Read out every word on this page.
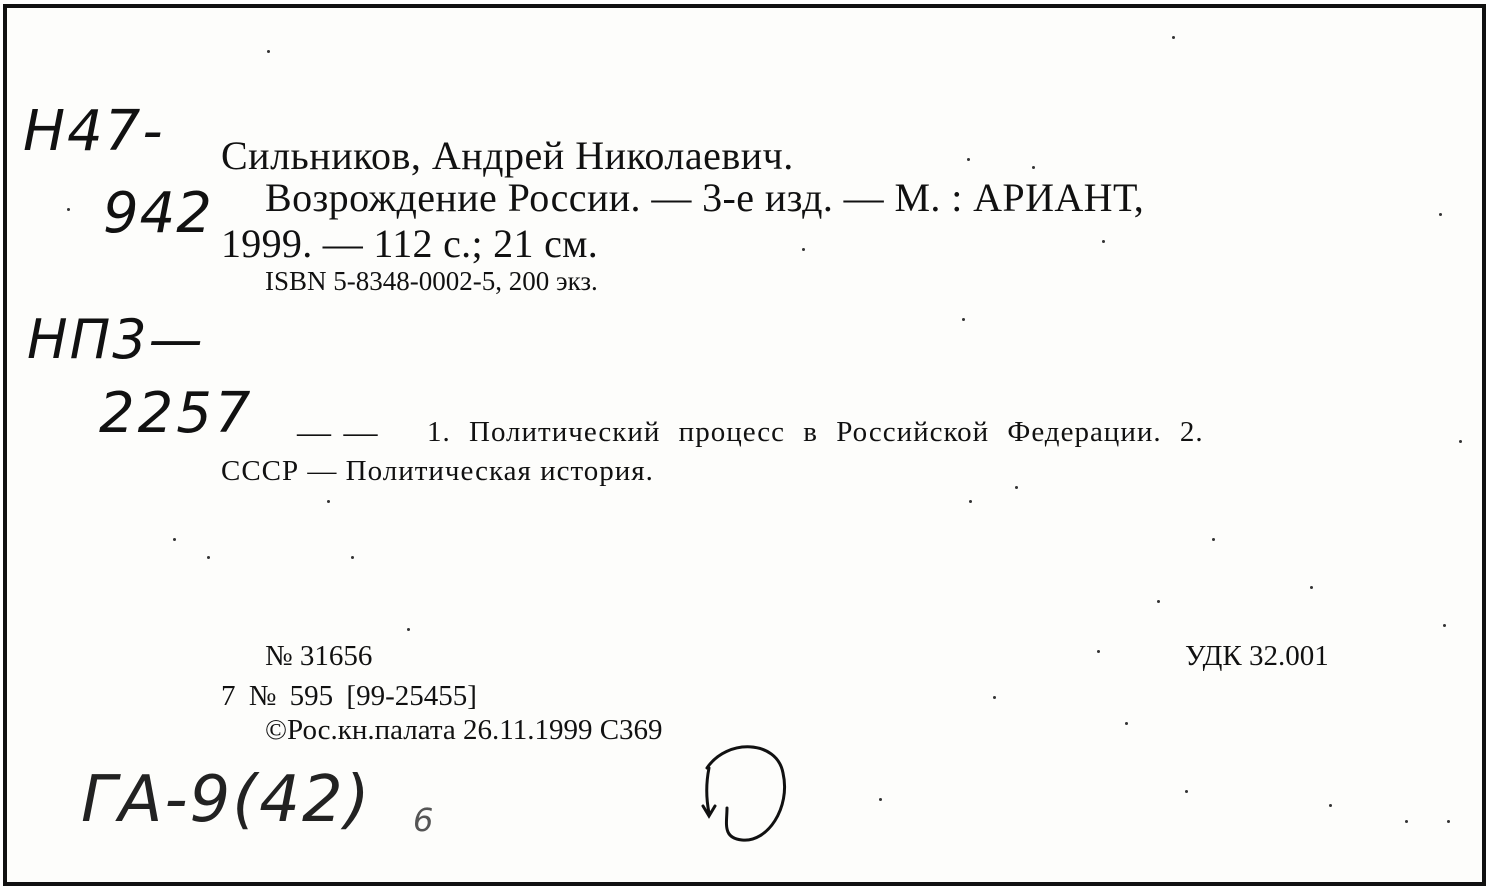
Н47-
942
НП3—
2257
Сильников, Андрей Николаевич.
Возрождение России. — 3-е изд. — М. : АРИАНТ,
1999. — 112 с.; 21 см.
ISBN 5-8348-0002-5, 200 экз.
— — 1. Политический процесс в Российской Федерации. 2.
СССР — Политическая история.
№ 31656	УДК 32.001
7 № 595 [99-25455]
©Рос.кн.палата 26.11.1999 С369
ГА-9(42) 6
